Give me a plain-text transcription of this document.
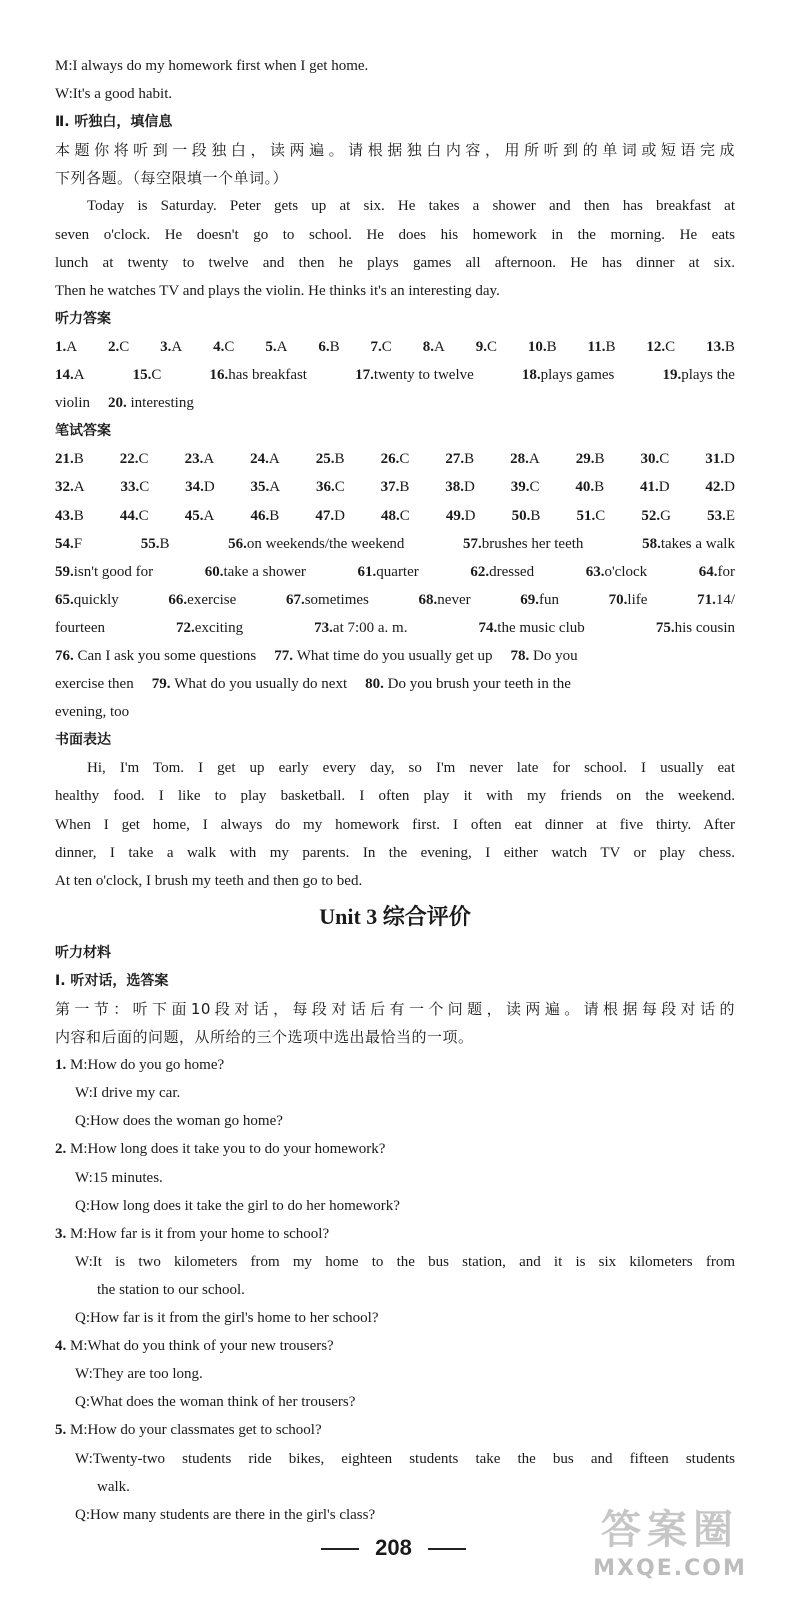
M:I always do my homework first when I get home.
W:It's a good habit.
Ⅱ. 听独白，填信息
本题你将听到一段独白，读两遍。请根据独白内容，用所听到的单词或短语完成
下列各题。（每空限填一个单词。）
Today is Saturday. Peter gets up at six. He takes a shower and then has breakfast at
seven o'clock. He doesn't go to school. He does his homework in the morning. He eats
lunch at twenty to twelve and then he plays games all afternoon. He has dinner at six.
Then he watches TV and plays the violin. He thinks it's an interesting day.
听力答案
1.A 2.C 3.A 4.C 5.A 6.B 7.C 8.A 9.C 10.B 11.B 12.C 13.B
14.A	15.C	16.has breakfast	17.twenty to twelve	18.plays games	19.plays the
violin 20. interesting
笔试答案
21.B 22.C 23.A 24.A 25.B 26.C 27.B 28.A 29.B 30.C 31.D
32.A 33.C 34.D 35.A 36.C 37.B 38.D 39.C 40.B 41.D 42.D
43.B 44.C 45.A 46.B 47.D 48.C 49.D 50.B 51.C 52.G 53.E
54.F	55.B	56.on weekends/the weekend	57.brushes her teeth	58.takes a walk
59.isn't good for	60.take a shower	61.quarter	62.dressed	63.o'clock	64.for
65.quickly	66.exercise	67.sometimes	68.never	69.fun	70.life	71.14/
fourteen	72.exciting	73.at 7:00 a. m.	74.the music club	75.his cousin
76. Can I ask you some questions 77. What time do you usually get up 78. Do you
exercise then 79. What do you usually do next 80. Do you brush your teeth in the
evening, too
书面表达
Hi, I'm Tom. I get up early every day, so I'm never late for school. I usually eat
healthy food. I like to play basketball. I often play it with my friends on the weekend.
When I get home, I always do my homework first. I often eat dinner at five thirty. After
dinner, I take a walk with my parents. In the evening, I either watch TV or play chess.
At ten o'clock, I brush my teeth and then go to bed.
Unit 3 综合评价
听力材料
Ⅰ. 听对话，选答案
第一节：听下面10段对话，每段对话后有一个问题，读两遍。请根据每段对话的
内容和后面的问题，从所给的三个选项中选出最恰当的一项。
1. M:How do you go home?
W:I drive my car.
Q:How does the woman go home?
2. M:How long does it take you to do your homework?
W:15 minutes.
Q:How long does it take the girl to do her homework?
3. M:How far is it from your home to school?
W:It is two kilometers from my home to the bus station, and it is six kilometers from
the station to our school.
Q:How far is it from the girl's home to her school?
4. M:What do you think of your new trousers?
W:They are too long.
Q:What does the woman think of her trousers?
5. M:How do your classmates get to school?
W:Twenty-two students ride bikes, eighteen students take the bus and fifteen students
walk.
Q:How many students are there in the girl's class?
208	答案圈
MXQE.COM
